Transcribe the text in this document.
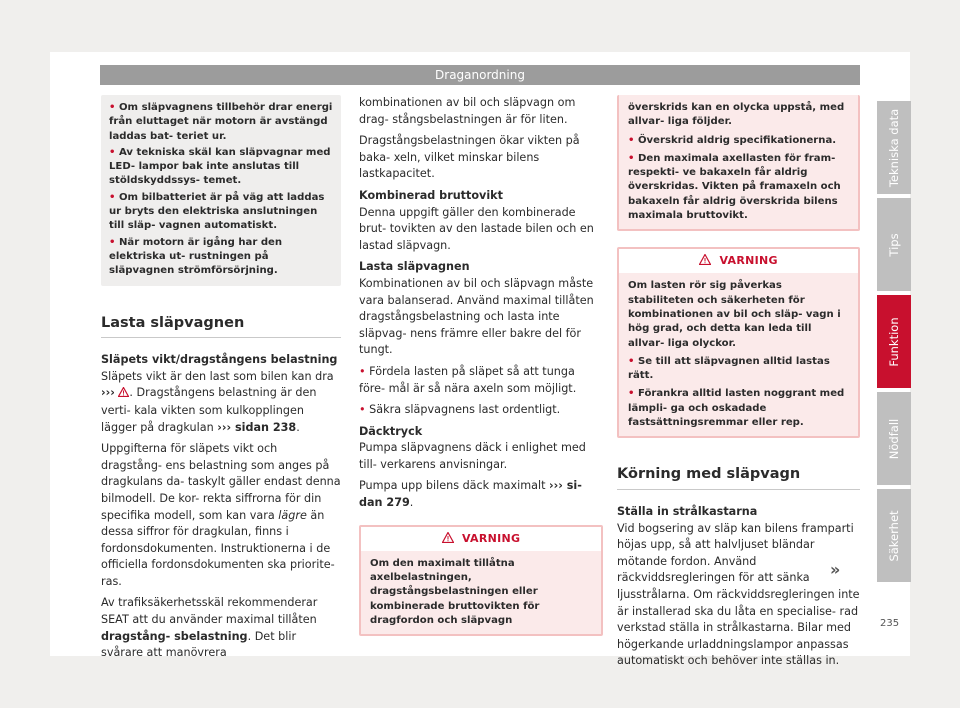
Draganordning

• Om släpvagnens tillbehör drar energi från eluttaget när motorn är avstängd laddas bat- teriet ur.

• Av tekniska skäl kan släpvagnar med LED- lampor bak inte anslutas till stöldskyddssys- temet.

• Om bilbatteriet är på väg att laddas ur bryts den elektriska anslutningen till släp- vagnen automatiskt.

• När motorn är igång har den elektriska ut- rustningen på släpvagnen strömförsörjning.

Lasta släpvagnen

Släpets vikt/dragstångens belastning

Släpets vikt är den last som bilen kan dra
››› . Dragstångens belastning är den verti- kala vikten som kulkopplingen lägger på dragkulan ››› sidan 238.

Uppgifterna för släpets vikt och dragstång- ens belastning som anges på dragkulans da- taskylt gäller endast denna bilmodell. De kor- rekta siffrorna för din specifika modell, som kan vara lägre än dessa siffror för dragkulan, finns i fordonsdokumenten. Instruktionerna i de officiella fordonsdokumenten ska priorite- ras.

Av trafiksäkerhetsskäl rekommenderar SEAT att du använder maximal tillåten dragstång- sbelastning. Det blir svårare att manövrera

kombinationen av bil och släpvagn om drag- stångsbelastningen är för liten.

Dragstångsbelastningen ökar vikten på baka- xeln, vilket minskar bilens lastkapacitet.

Kombinerad bruttovikt

Denna uppgift gäller den kombinerade brut- tovikten av den lastade bilen och en lastad släpvagn.

Lasta släpvagnen

Kombinationen av bil och släpvagn måste vara balanserad. Använd maximal tillåten dragstångsbelastning och lasta inte släpvag- nens främre eller bakre del för tungt.

• Fördela lasten på släpet så att tunga före- mål är så nära axeln som möjligt.

• Säkra släpvagnens last ordentligt.

Däcktryck

Pumpa släpvagnens däck i enlighet med till- verkarens anvisningar.

Pumpa upp bilens däck maximalt ››› si- dan 279.

VARNING

Om den maximalt tillåtna axelbelastningen, dragstångsbelastningen eller kombinerade bruttovikten för dragfordon och släpvagn

överskrids kan en olycka uppstå, med allvar- liga följder.

• Överskrid aldrig specifikationerna.

• Den maximala axellasten för fram- respekti- ve bakaxeln får aldrig överskridas. Vikten på framaxeln och bakaxeln får aldrig överskrida bilens maximala bruttovikt.

VARNING

Om lasten rör sig påverkas stabiliteten och säkerheten för kombinationen av bil och släp- vagn i hög grad, och detta kan leda till allvar- liga olyckor.

• Se till att släpvagnen alltid lastas rätt.

• Förankra alltid lasten noggrant med lämpli- ga och oskadade fastsättningsremmar eller rep.

Körning med släpvagn

Ställa in strålkastarna

Vid bogsering av släp kan bilens framparti höjas upp, så att halvljuset bländar mötande fordon. Använd räckviddsregleringen för att sänka ljusstrålarna. Om räckviddsregleringen inte är installerad ska du låta en specialise- rad verkstad ställa in strålkastarna. Bilar med högerkande urladdningslampor anpassas automatiskt och behöver inte ställas in.

»
Tekniska data
Tips
Funktion
Nödfall
Säkerhet
235
